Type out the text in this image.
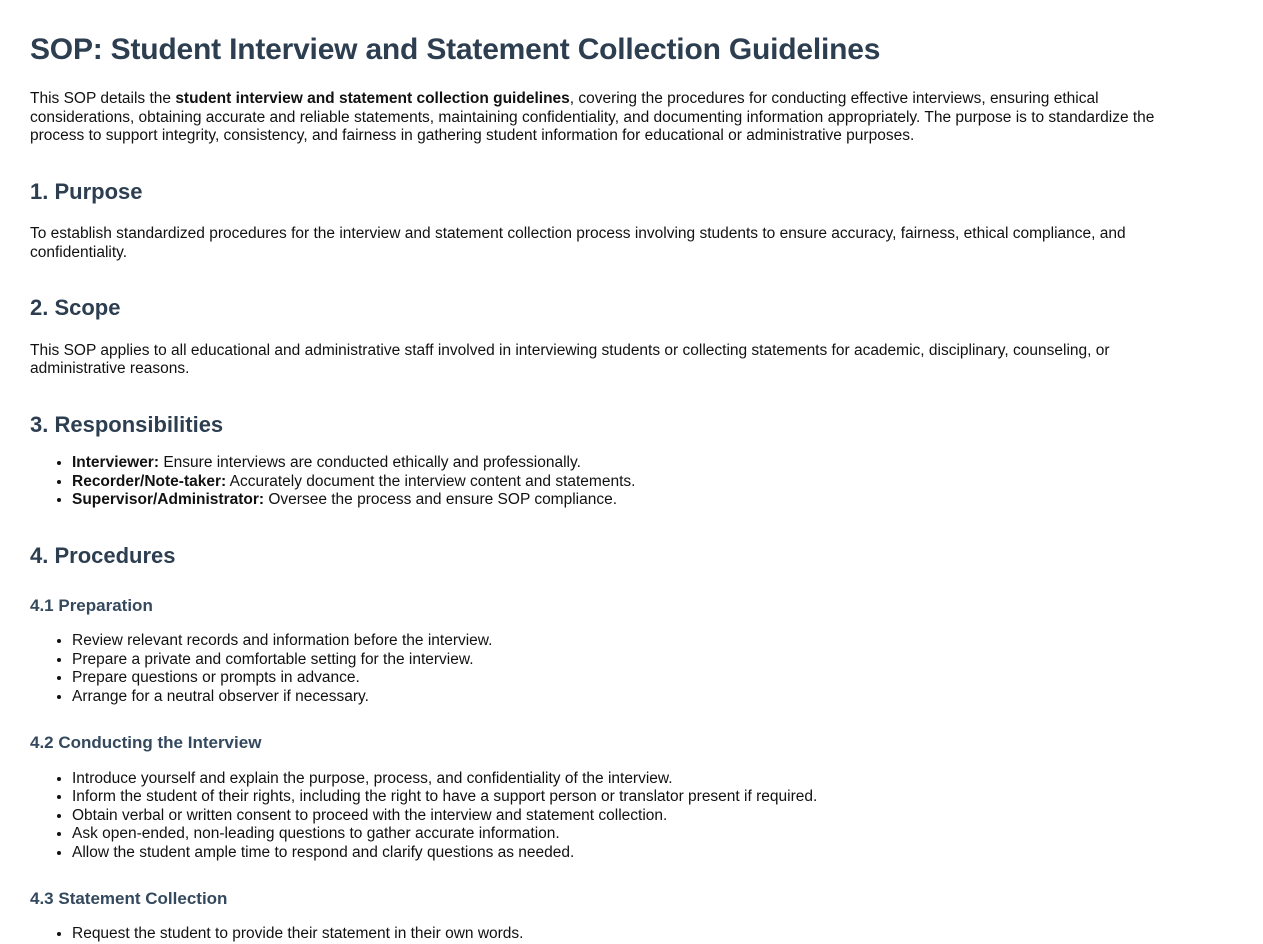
SOP: Student Interview and Statement Collection Guidelines

This SOP details the student interview and statement collection guidelines, covering the procedures for conducting effective interviews, ensuring ethical considerations, obtaining accurate and reliable statements, maintaining confidentiality, and documenting information appropriately. The purpose is to standardize the process to support integrity, consistency, and fairness in gathering student information for educational or administrative purposes.

1. Purpose

To establish standardized procedures for the interview and statement collection process involving students to ensure accuracy, fairness, ethical compliance, and confidentiality.

2. Scope

This SOP applies to all educational and administrative staff involved in interviewing students or collecting statements for academic, disciplinary, counseling, or administrative reasons.

3. Responsibilities
• Interviewer: Ensure interviews are conducted ethically and professionally.
• Recorder/Note-taker: Accurately document the interview content and statements.
• Supervisor/Administrator: Oversee the process and ensure SOP compliance.
4. Procedures
4.1 Preparation
• Review relevant records and information before the interview.
• Prepare a private and comfortable setting for the interview.
• Prepare questions or prompts in advance.
• Arrange for a neutral observer if necessary.
4.2 Conducting the Interview
• Introduce yourself and explain the purpose, process, and confidentiality of the interview.
• Inform the student of their rights, including the right to have a support person or translator present if required.
• Obtain verbal or written consent to proceed with the interview and statement collection.
• Ask open-ended, non-leading questions to gather accurate information.
• Allow the student ample time to respond and clarify questions as needed.
4.3 Statement Collection
• Request the student to provide their statement in their own words.
